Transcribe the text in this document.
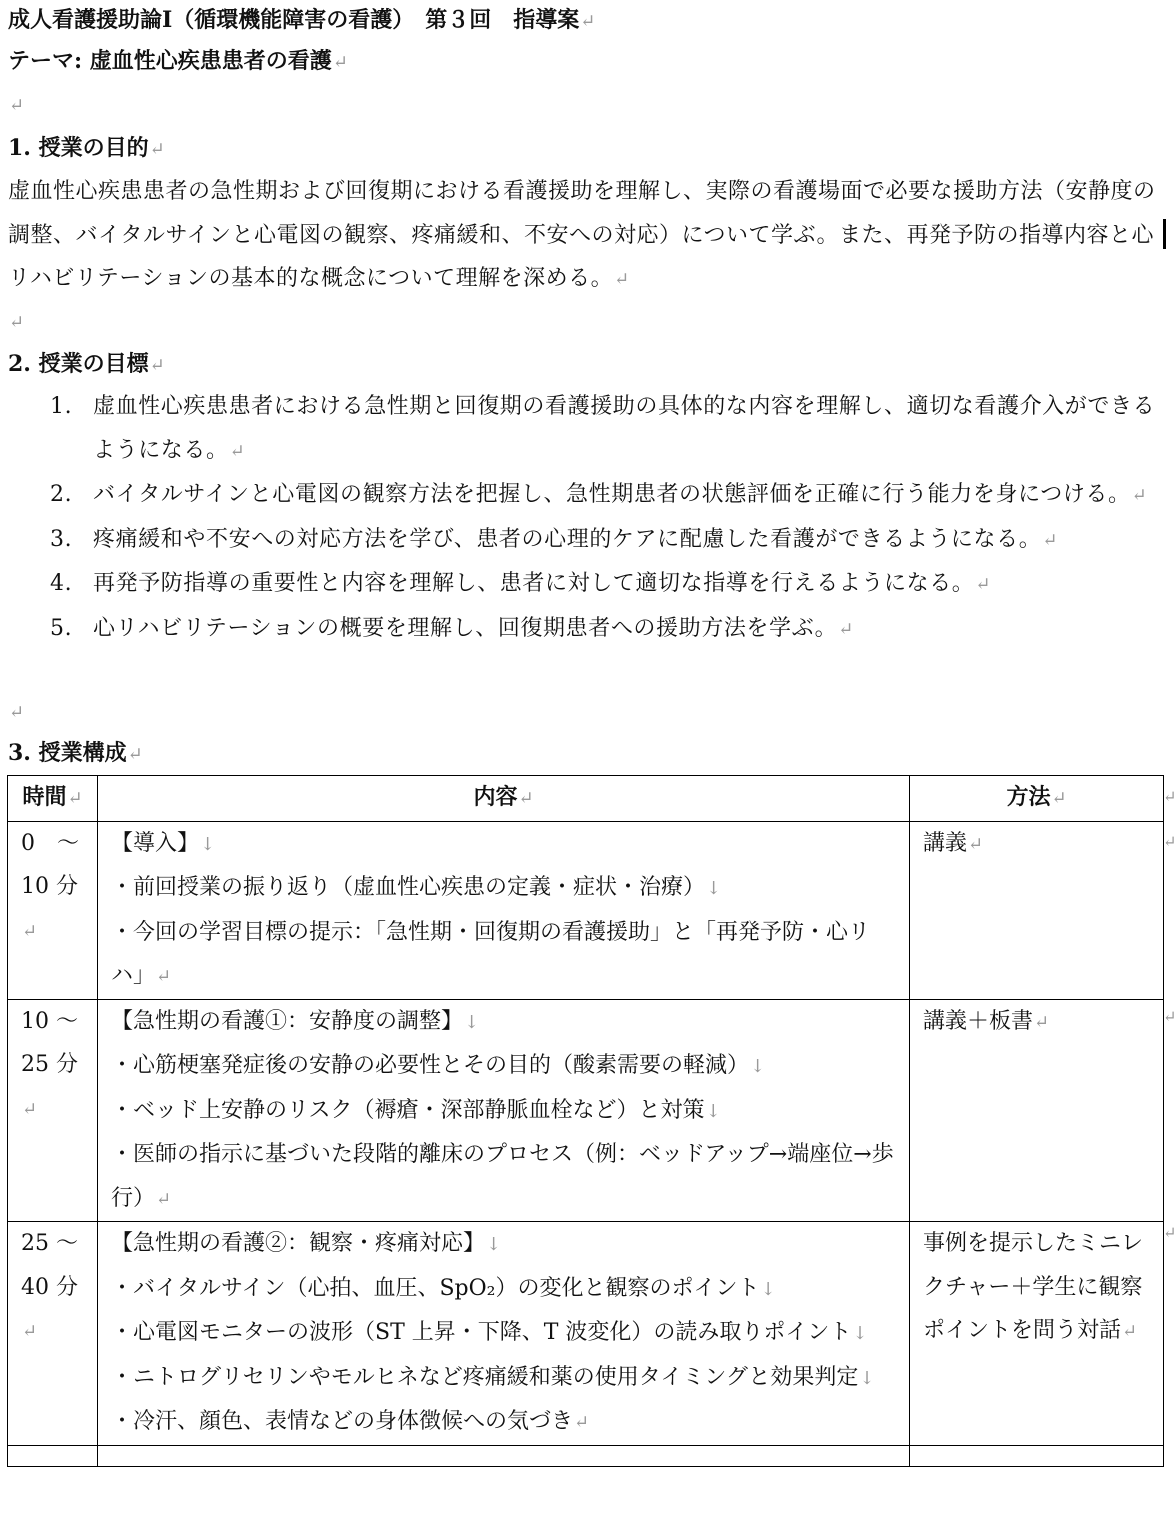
成人看護援助論Ⅰ（循環機能障害の看護）　第３回　指導案↵
テーマ: 虚血性心疾患患者の看護↵
↵
1. 授業の目的↵
虚血性心疾患患者の急性期および回復期における看護援助を理解し、実際の看護場面で必要な援助方法（安静度の調整、バイタルサインと心電図の観察、疼痛緩和、不安への対応）について学ぶ。また、再発予防の指導内容と心リハビリテーションの基本的な概念について理解を深める。↵
↵
2. 授業の目標↵
1. 虚血性心疾患患者における急性期と回復期の看護援助の具体的な内容を理解し、適切な看護介入ができるようになる。↵
2. バイタルサインと心電図の観察方法を把握し、急性期患者の状態評価を正確に行う能力を身につける。↵
3. 疼痛緩和や不安への対応方法を学び、患者の心理的ケアに配慮した看護ができるようになる。↵
4. 再発予防指導の重要性と内容を理解し、患者に対して適切な指導を行えるようになる。↵
5. 心リハビリテーションの概要を理解し、回復期患者への援助方法を学ぶ。↵
↵
3. 授業構成↵
時間↵	内容↵	方法↵
0　～ 10 分↵	【導入】↓
・前回授業の振り返り（虚血性心疾患の定義・症状・治療）↓
・今回の学習目標の提示：「急性期・回復期の看護援助」と「再発予防・心リハ」↵	講義↵
10 ～ 25 分↵	【急性期の看護①：安静度の調整】↓
・心筋梗塞発症後の安静の必要性とその目的（酸素需要の軽減）↓
・ベッド上安静のリスク（褥瘡・深部静脈血栓など）と対策↓
・医師の指示に基づいた段階的離床のプロセス（例：ベッドアップ→端座位→歩行）↵	講義＋板書↵
25 ～ 40 分↵	【急性期の看護②：観察・疼痛対応】↓
・バイタルサイン（心拍、血圧、SpO₂）の変化と観察のポイント↓
・心電図モニターの波形（ST 上昇・下降、T 波変化）の読み取りポイント↓
・ニトログリセリンやモルヒネなど疼痛緩和薬の使用タイミングと効果判定↓
・冷汗、顔色、表情などの身体徴候への気づき↵	事例を提示したミニレクチャー＋学生に観察ポイントを問う対話↵

↵
↵
↵
↵
